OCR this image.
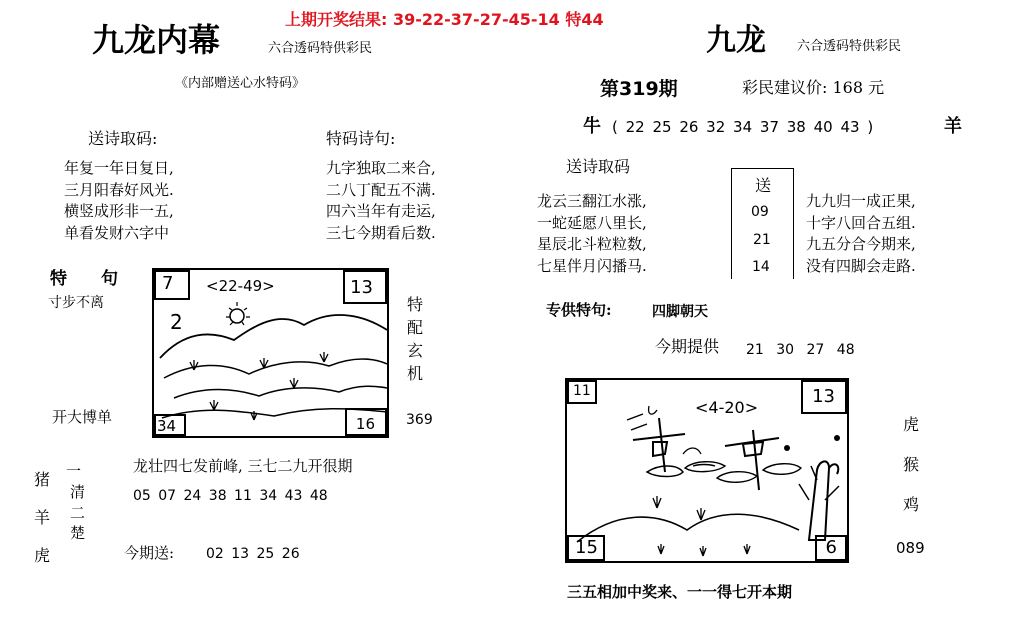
九龙内幕	六合透码特供彩民
《内部赠送心水特码》
上期开奖结果: 39-22-37-27-45-14 特44
送诗取码:
年复一年日复日,
三月阳春好风光.
横竖成形非一五,
单看发财六字中
特码诗句:
九字独取二来合,
二八丁配五不满.
四六当年有走运,
三七今期看后数.
特 句
寸步不离
开大博单
7 <22-49>
2
13
34	16
特
配
玄
机
369
猪
羊
虎
一
清
二
楚
龙壮四七发前峰, 三七二九开很期
05 07 24 38 11 34 43 48
今期送: 02 13 25 26
九龙 六合透码特供彩民
第319期	彩民建议价: 168 元
牛 ( 22 25 26 32 34 37 38 40 43 )	羊
送诗取码
龙云三翻江水涨,
一蛇延愿八里长,
星辰北斗粒粒数,
七星伴月闪播马.
送
09
21
14
九九归一成正果,
十字八回合五组.
九五分合今期来,
没有四脚会走路.
专供特句:	四脚朝天
今期提供 21 30 27 48
11
<4-20>
13
15	6
虎
猴
鸡
089
三五相加中奖来、一一得七开本期
